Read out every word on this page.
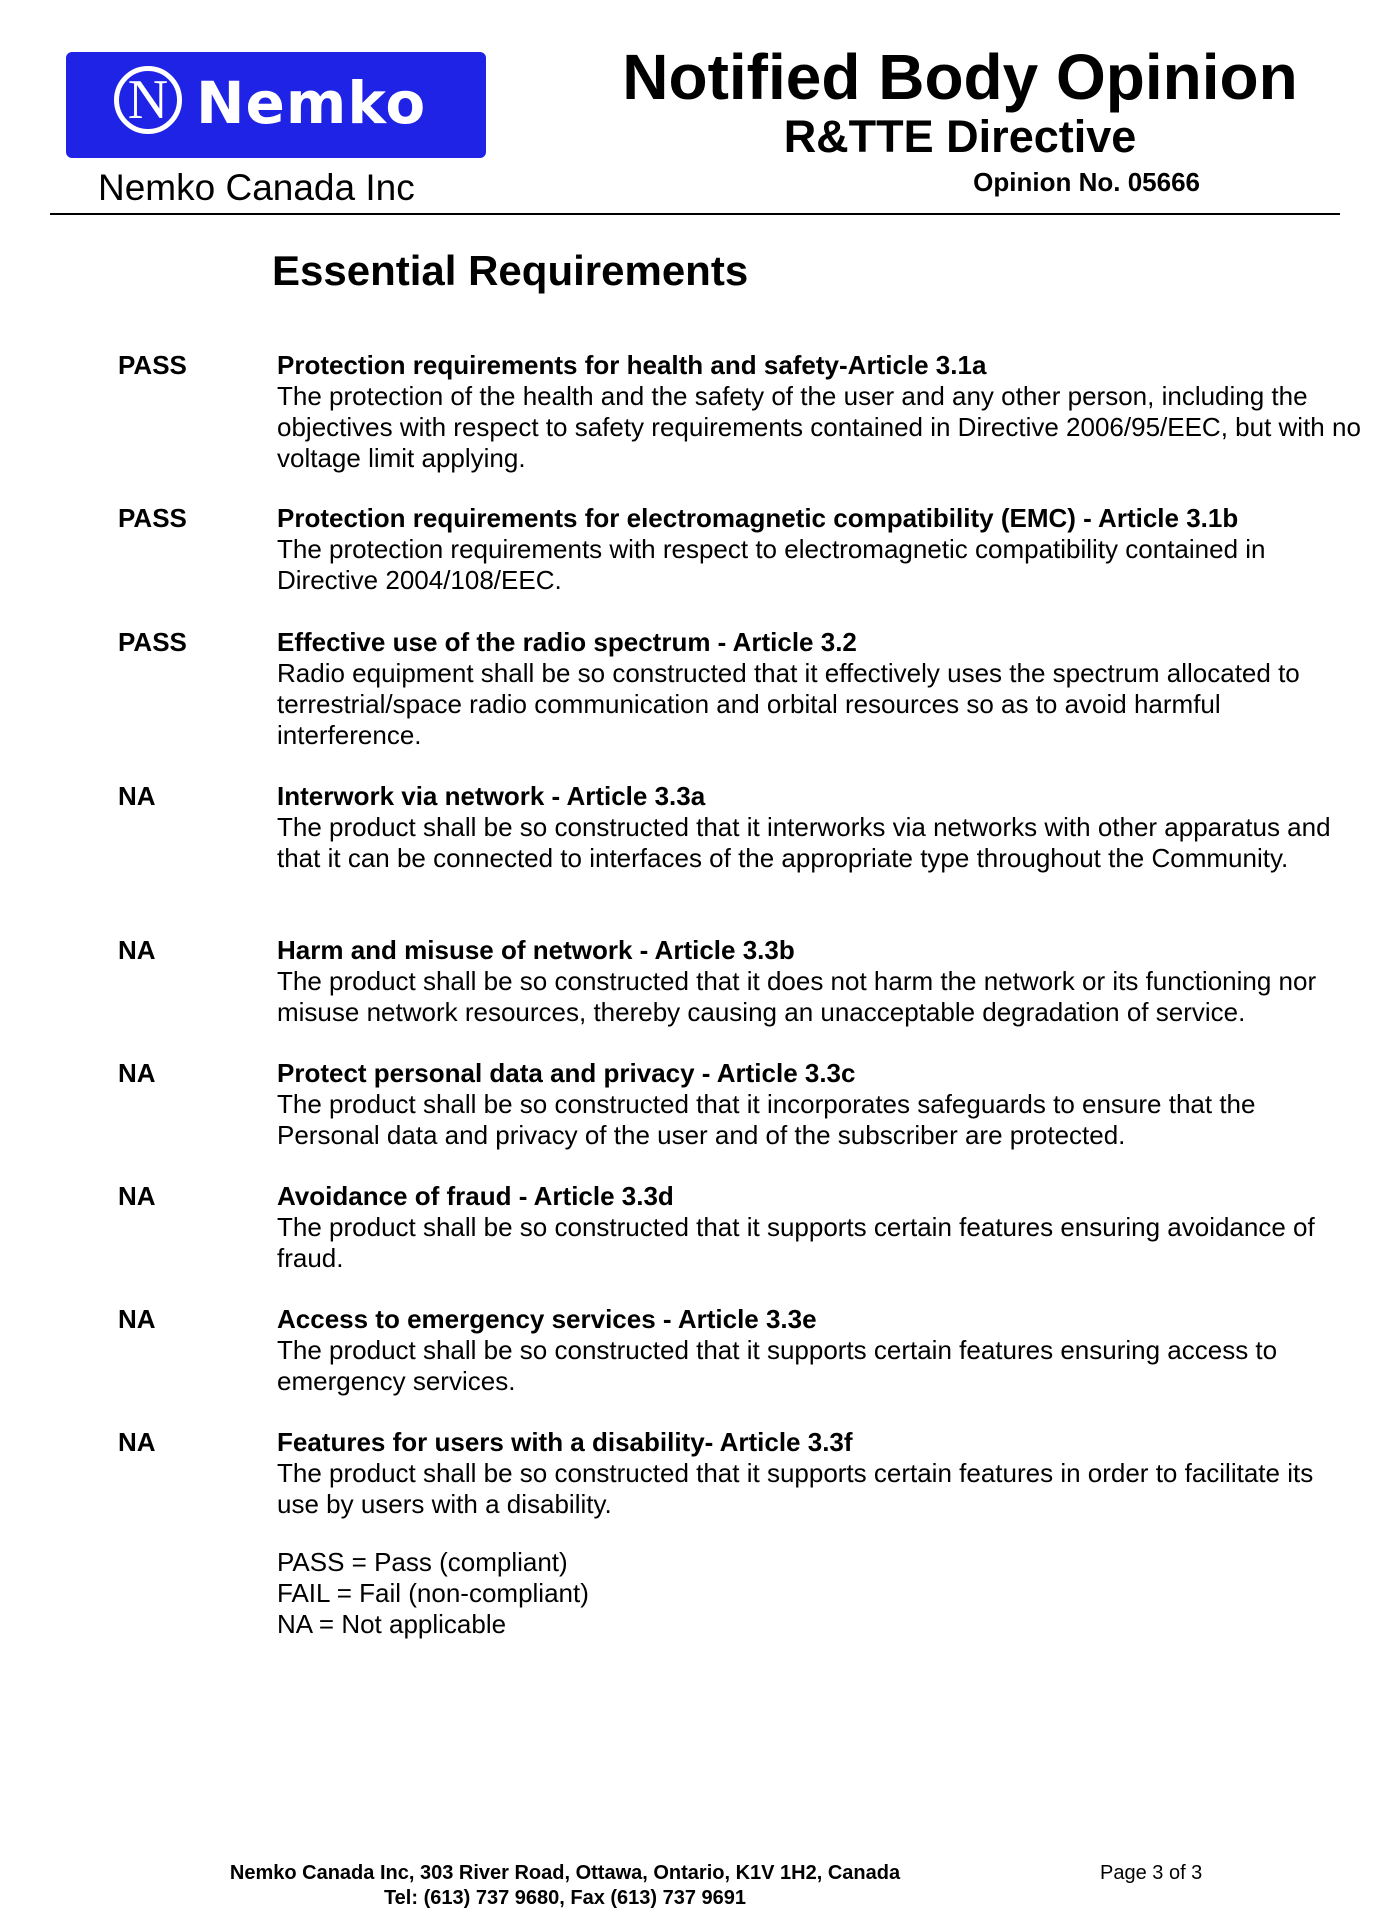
N Nemko
Nemko Canada Inc
Notified Body Opinion
R&TTE Directive
Opinion No. 05666
Essential Requirements
PASS	Protection requirements for health and safety-Article 3.1a
The protection of the health and the safety of the user and any other person, including the objectives with respect to safety requirements contained in Directive 2006/95/EEC, but with no voltage limit applying.
PASS	Protection requirements for electromagnetic compatibility (EMC) - Article 3.1b
The protection requirements with respect to electromagnetic compatibility contained in Directive 2004/108/EEC.
PASS	Effective use of the radio spectrum - Article 3.2
Radio equipment shall be so constructed that it effectively uses the spectrum allocated to terrestrial/space radio communication and orbital resources so as to avoid harmful interference.
NA	Interwork via network - Article 3.3a
The product shall be so constructed that it interworks via networks with other apparatus and that it can be connected to interfaces of the appropriate type throughout the Community.
NA	Harm and misuse of network - Article 3.3b
The product shall be so constructed that it does not harm the network or its functioning nor misuse network resources, thereby causing an unacceptable degradation of service.
NA	Protect personal data and privacy - Article 3.3c
The product shall be so constructed that it incorporates safeguards to ensure that the Personal data and privacy of the user and of the subscriber are protected.
NA	Avoidance of fraud - Article 3.3d
The product shall be so constructed that it supports certain features ensuring avoidance of fraud.
NA	Access to emergency services - Article 3.3e
The product shall be so constructed that it supports certain features ensuring access to emergency services.
NA	Features for users with a disability- Article 3.3f
The product shall be so constructed that it supports certain features in order to facilitate its use by users with a disability.
PASS = Pass (compliant)
FAIL = Fail (non-compliant)
NA = Not applicable
Nemko Canada Inc, 303 River Road, Ottawa, Ontario, K1V 1H2, Canada
Tel: (613) 737 9680, Fax (613) 737 9691
Page 3 of 3
